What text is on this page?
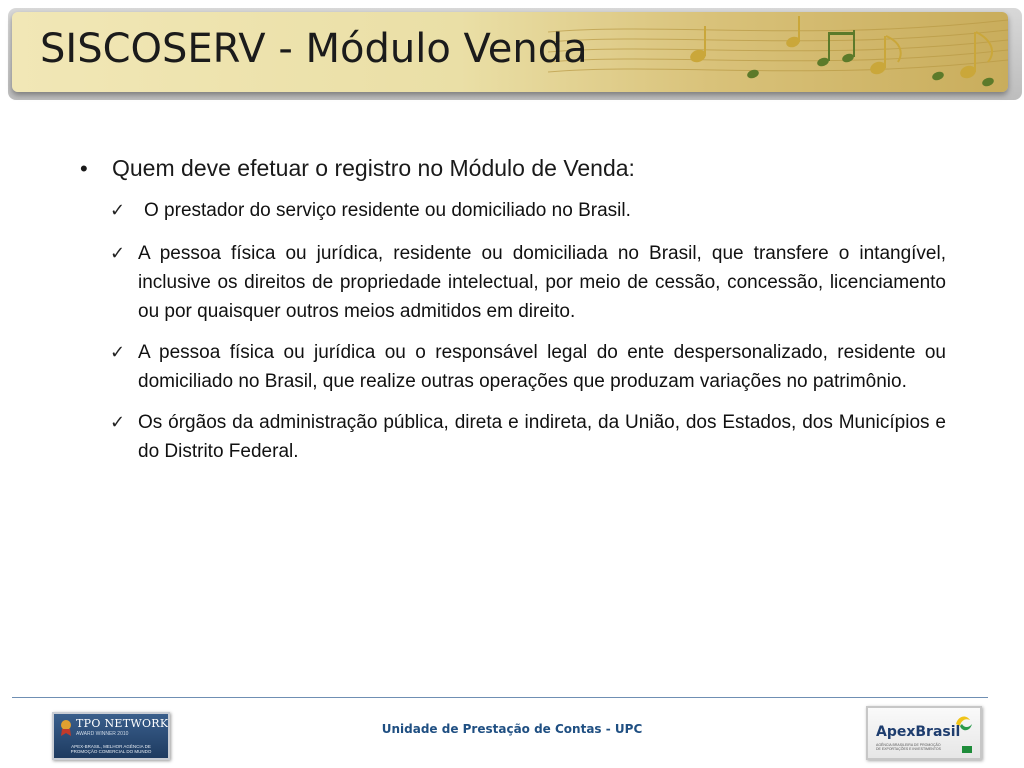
SISCOSERV - Módulo Venda
•	Quem deve efetuar o registro no Módulo de Venda:
✓ O prestador do serviço residente ou domiciliado no Brasil.
✓ A pessoa física ou jurídica, residente ou domiciliada no Brasil, que transfere o intangível, inclusive os direitos de propriedade intelectual, por meio de cessão, concessão, licenciamento ou por quaisquer outros meios admitidos em direito.
✓ A pessoa física ou jurídica ou o responsável legal do ente despersonalizado, residente ou domiciliado no Brasil, que realize outras operações que produzam variações no patrimônio.
✓ Os órgãos da administração pública, direta e indireta, da União, dos Estados, dos Municípios e do Distrito Federal.
TPO NETWORK
AWARD WINNER 2010
APEX-BRASIL, MELHOR AGÊNCIA DE PROMOÇÃO COMERCIAL DO MUNDO
Unidade de Prestação de Contas - UPC	ApexBrasil
AGÊNCIA BRASILEIRA DE PROMOÇÃO DE EXPORTAÇÕES E INVESTIMENTOS
